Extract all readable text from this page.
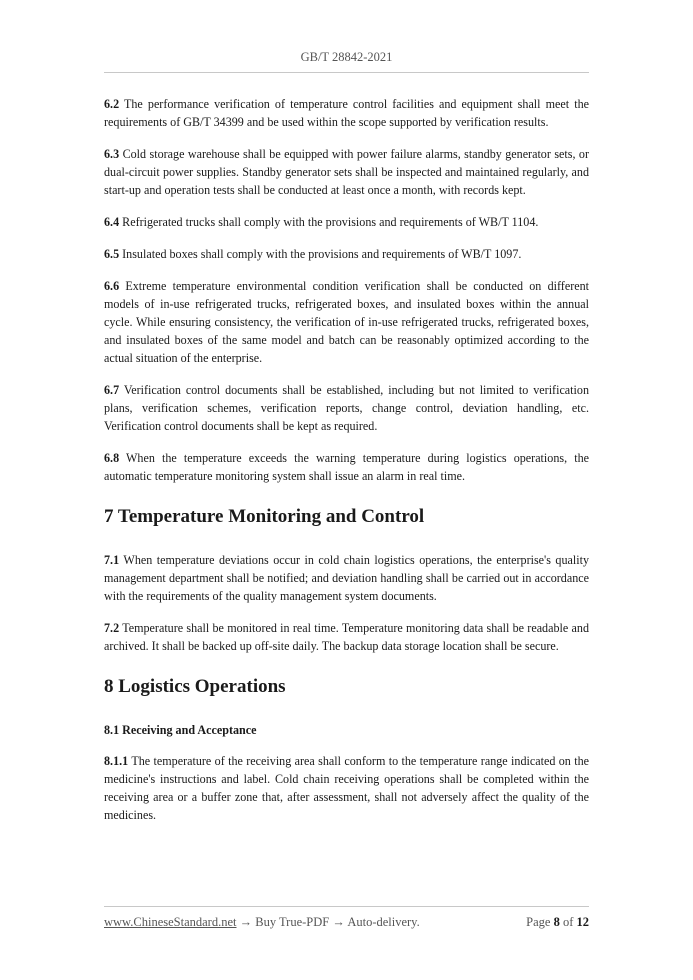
GB/T 28842-2021

6.2 The performance verification of temperature control facilities and equipment shall meet the requirements of GB/T 34399 and be used within the scope supported by verification results.

6.3 Cold storage warehouse shall be equipped with power failure alarms, standby generator sets, or dual-circuit power supplies. Standby generator sets shall be inspected and maintained regularly, and start-up and operation tests shall be conducted at least once a month, with records kept.

6.4 Refrigerated trucks shall comply with the provisions and requirements of WB/T 1104.

6.5 Insulated boxes shall comply with the provisions and requirements of WB/T 1097.

6.6 Extreme temperature environmental condition verification shall be conducted on different models of in-use refrigerated trucks, refrigerated boxes, and insulated boxes within the annual cycle. While ensuring consistency, the verification of in-use refrigerated trucks, refrigerated boxes, and insulated boxes of the same model and batch can be reasonably optimized according to the actual situation of the enterprise.

6.7 Verification control documents shall be established, including but not limited to verification plans, verification schemes, verification reports, change control, deviation handling, etc. Verification control documents shall be kept as required.

6.8 When the temperature exceeds the warning temperature during logistics operations, the automatic temperature monitoring system shall issue an alarm in real time.

7 Temperature Monitoring and Control

7.1 When temperature deviations occur in cold chain logistics operations, the enterprise's quality management department shall be notified; and deviation handling shall be carried out in accordance with the requirements of the quality management system documents.

7.2 Temperature shall be monitored in real time. Temperature monitoring data shall be readable and archived. It shall be backed up off-site daily. The backup data storage location shall be secure.

8 Logistics Operations
8.1 Receiving and Acceptance

8.1.1 The temperature of the receiving area shall conform to the temperature range indicated on the medicine's instructions and label. Cold chain receiving operations shall be completed within the receiving area or a buffer zone that, after assessment, shall not adversely affect the quality of the medicines.

www.ChineseStandard.net → Buy True-PDF → Auto-delivery.	Page 8 of 12
